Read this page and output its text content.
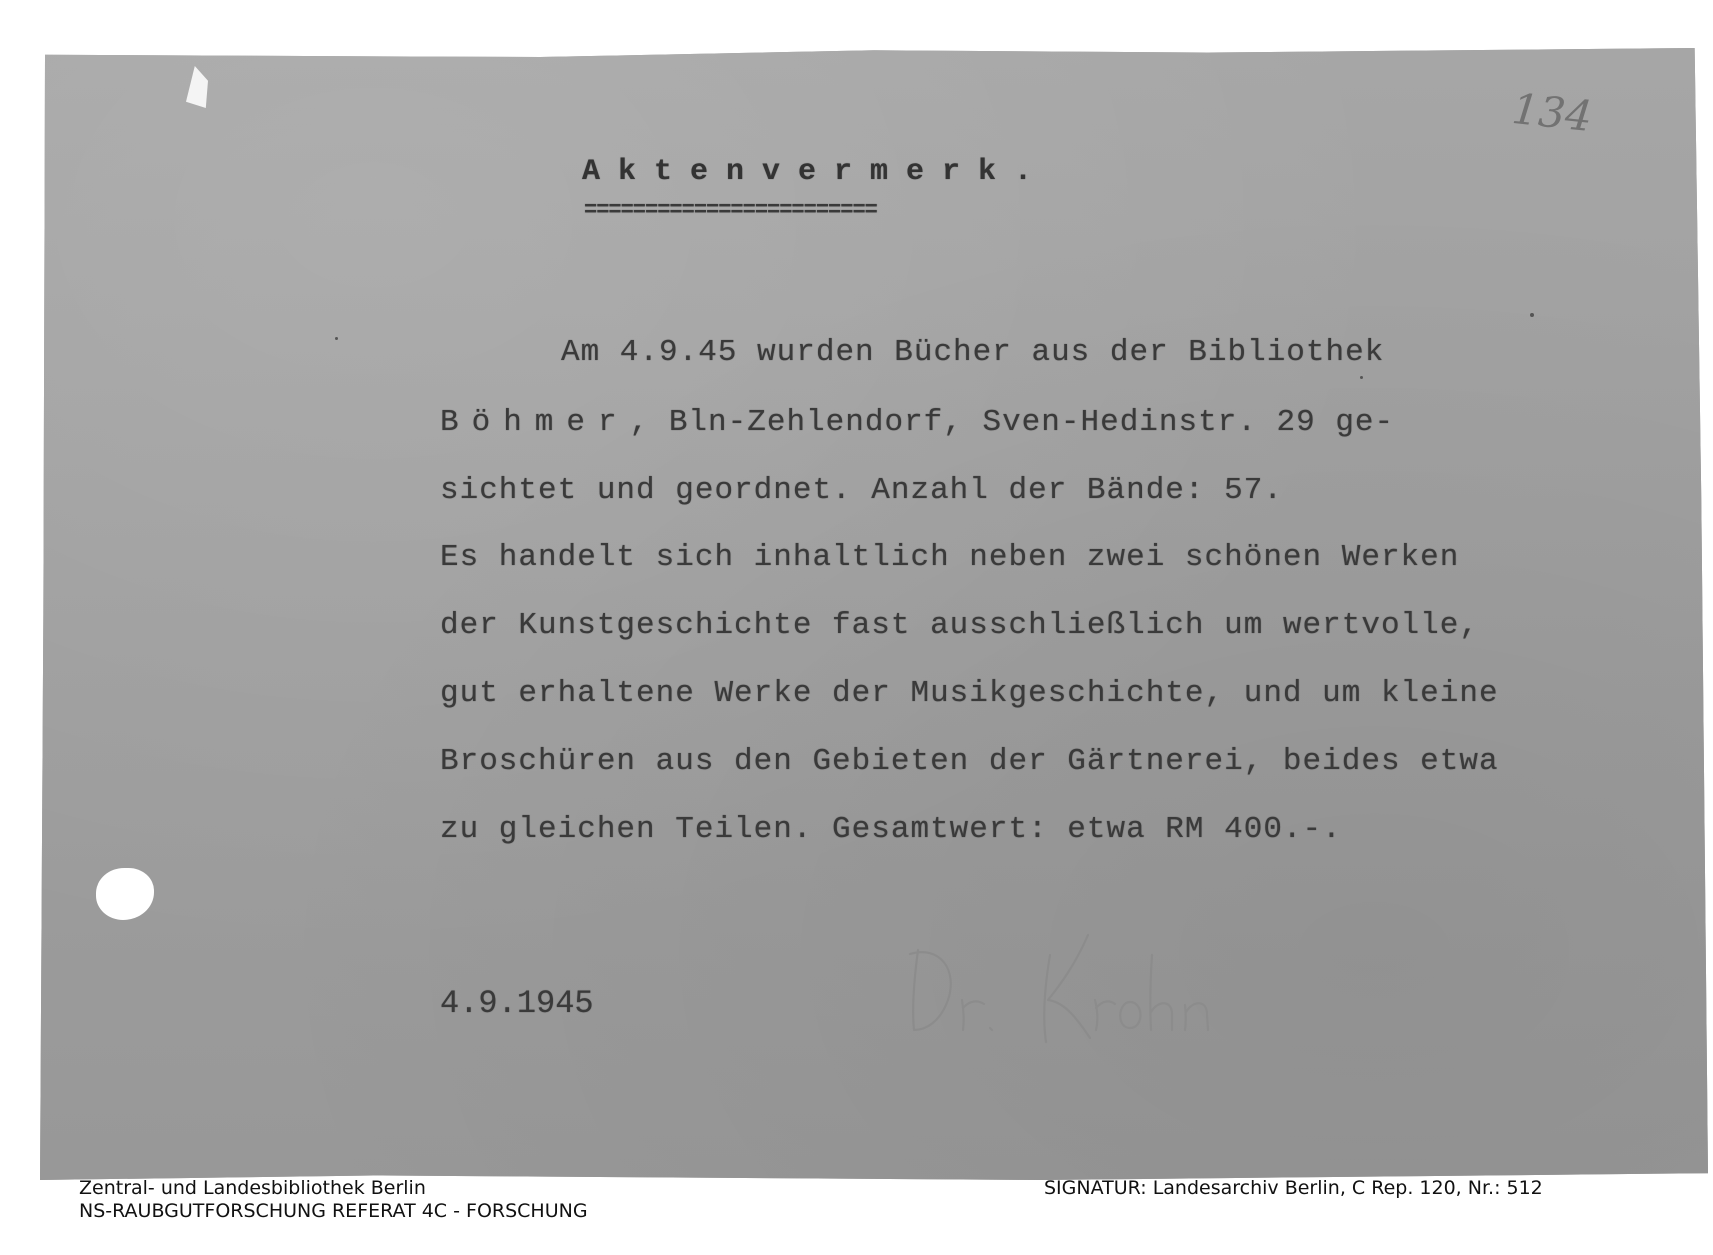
134
Aktenvermerk.
========================
Am 4.9.45 wurden Bücher aus der Bibliothek
Böhmer, Bln-Zehlendorf, Sven-Hedinstr. 29 ge-
sichtet und geordnet. Anzahl der Bände: 57.
Es handelt sich inhaltlich neben zwei schönen Werken
der Kunstgeschichte fast ausschließlich um wertvolle,
gut erhaltene Werke der Musikgeschichte, und um kleine
Broschüren aus den Gebieten der Gärtnerei, beides etwa
zu gleichen Teilen. Gesamtwert: etwa RM 400.-.
4.9.1945
Zentral- und Landesbibliothek Berlin
NS-RAUBGUTFORSCHUNG REFERAT 4C - FORSCHUNG
SIGNATUR: Landesarchiv Berlin, C Rep. 120, Nr.: 512
